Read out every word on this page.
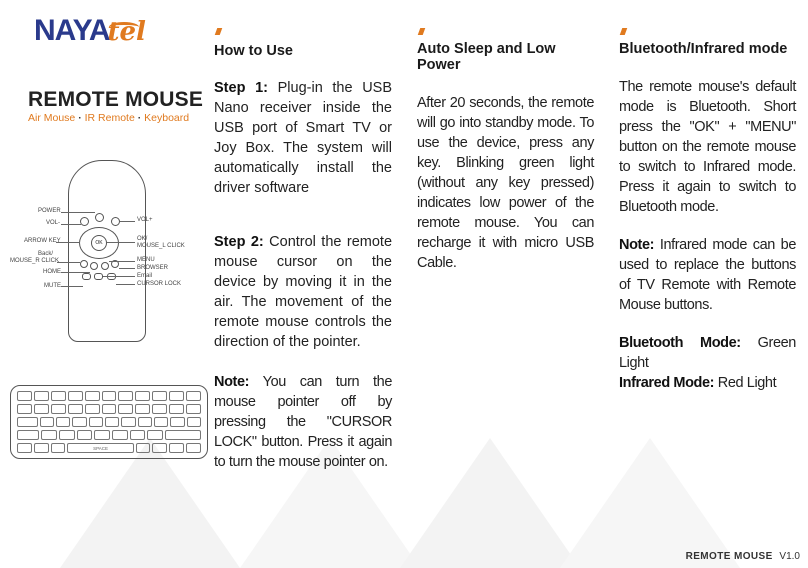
NAYAtel
REMOTE MOUSE
Air Mouse · IR Remote · Keyboard
OK
POWER
VOL-
ARROW KEY
Back/
MOUSE_R CLICK
HOME
MUTE
VOL+
OK/
MOUSE_L CLICK
MENU
BROWSER
Email
CURSOR LOCK
SPACE
How to Use

Step 1: Plug-in the USB Nano receiver inside the USB port of Smart TV or Joy Box. The system will automatically install the driver software

Step 2: Control the remote mouse cursor on the device by moving it in the air. The movement of the remote mouse controls the direction of the pointer.

Note: You can turn the mouse pointer off by pressing the "CURSOR LOCK" button. Press it again to turn the mouse pointer on.

Auto Sleep and Low Power

After 20 seconds, the remote will go into standby mode. To use the device, press any key. Blinking green light (without any key pressed) indicates low power of the remote mouse. You can recharge it with micro USB Cable.

Bluetooth/Infrared mode

The remote mouse's default mode is Bluetooth. Short press the "OK" + "MENU" button on the remote mouse to switch to Infrared mode. Press it again to switch to Bluetooth mode.

Note: Infrared mode can be used to replace the buttons of TV Remote with Remote Mouse buttons.

Bluetooth Mode: Green Light

Infrared Mode: Red Light

REMOTE MOUSE V1.0
